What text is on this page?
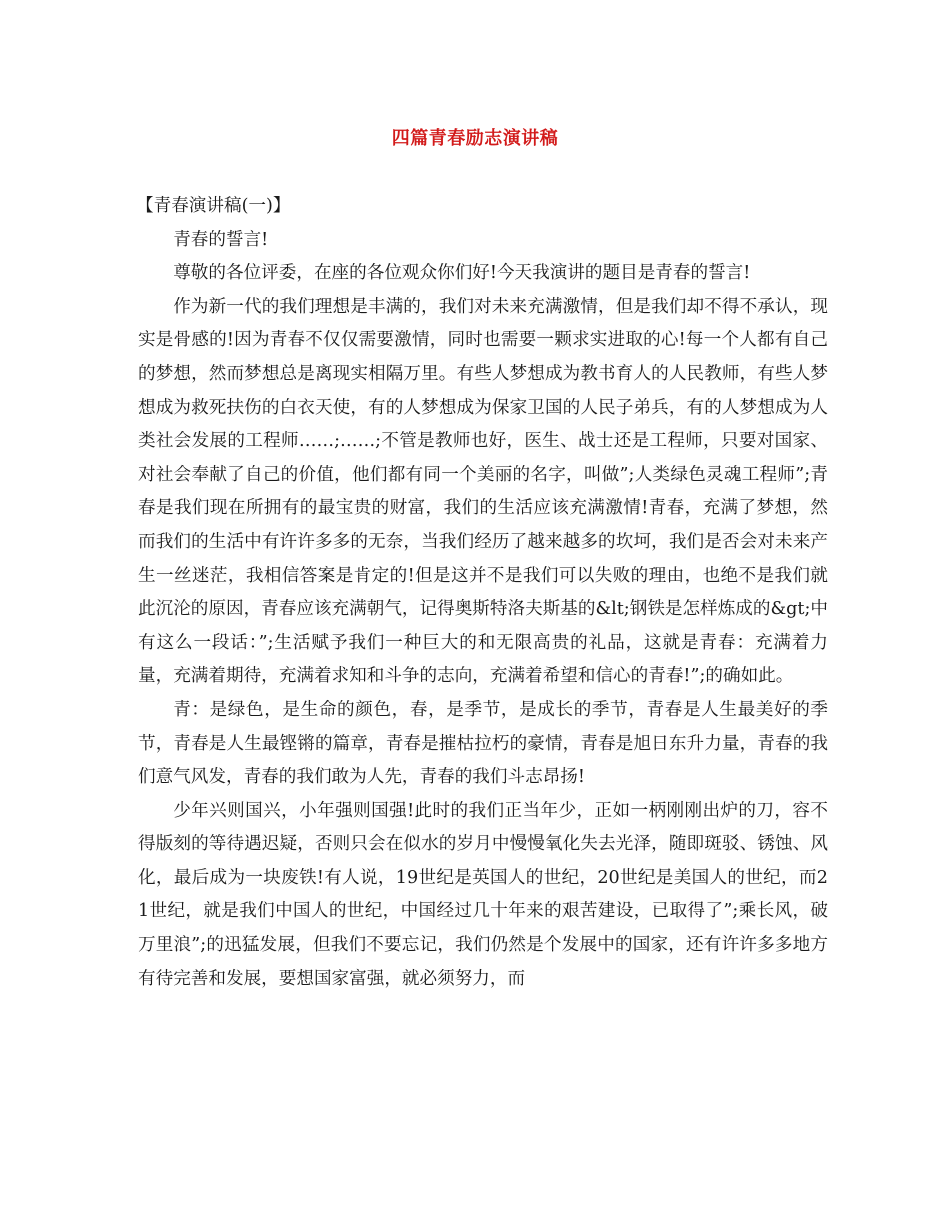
四篇青春励志演讲稿

【青春演讲稿(一)】

青春的誓言!

尊敬的各位评委，在座的各位观众你们好!今天我演讲的题目是青春的誓言!

作为新一代的我们理想是丰满的，我们对未来充满激情，但是我们却不得不承认，现实是骨感的!因为青春不仅仅需要激情，同时也需要一颗求实进取的心!每一个人都有自己的梦想，然而梦想总是离现实相隔万里。有些人梦想成为教书育人的人民教师，有些人梦想成为救死扶伤的白衣天使，有的人梦想成为保家卫国的人民子弟兵，有的人梦想成为人类社会发展的工程师……;……;不管是教师也好，医生、战士还是工程师，只要对国家、对社会奉献了自己的价值，他们都有同一个美丽的名字，叫做”;人类绿色灵魂工程师”;青春是我们现在所拥有的最宝贵的财富，我们的生活应该充满激情!青春，充满了梦想，然而我们的生活中有许许多多的无奈，当我们经历了越来越多的坎坷，我们是否会对未来产生一丝迷茫，我相信答案是肯定的!但是这并不是我们可以失败的理由，也绝不是我们就此沉沦的原因，青春应该充满朝气，记得奥斯特洛夫斯基的&lt;钢铁是怎样炼成的&gt;中有这么一段话：”;生活赋予我们一种巨大的和无限高贵的礼品，这就是青春：充满着力量，充满着期待，充满着求知和斗争的志向，充满着希望和信心的青春!”;的确如此。

青：是绿色，是生命的颜色，春，是季节，是成长的季节，青春是人生最美好的季节，青春是人生最铿锵的篇章，青春是摧枯拉朽的豪情，青春是旭日东升力量，青春的我们意气风发，青春的我们敢为人先，青春的我们斗志昂扬!

少年兴则国兴，小年强则国强!此时的我们正当年少，正如一柄刚刚出炉的刀，容不得版刻的等待遇迟疑，否则只会在似水的岁月中慢慢氧化失去光泽，随即斑驳、锈蚀、风化，最后成为一块废铁!有人说，19世纪是英国人的世纪，20世纪是美国人的世纪，而21世纪，就是我们中国人的世纪，中国经过几十年来的艰苦建设，已取得了”;乘长风，破万里浪”;的迅猛发展，但我们不要忘记，我们仍然是个发展中的国家，还有许许多多地方有待完善和发展，要想国家富强，就必须努力，而
